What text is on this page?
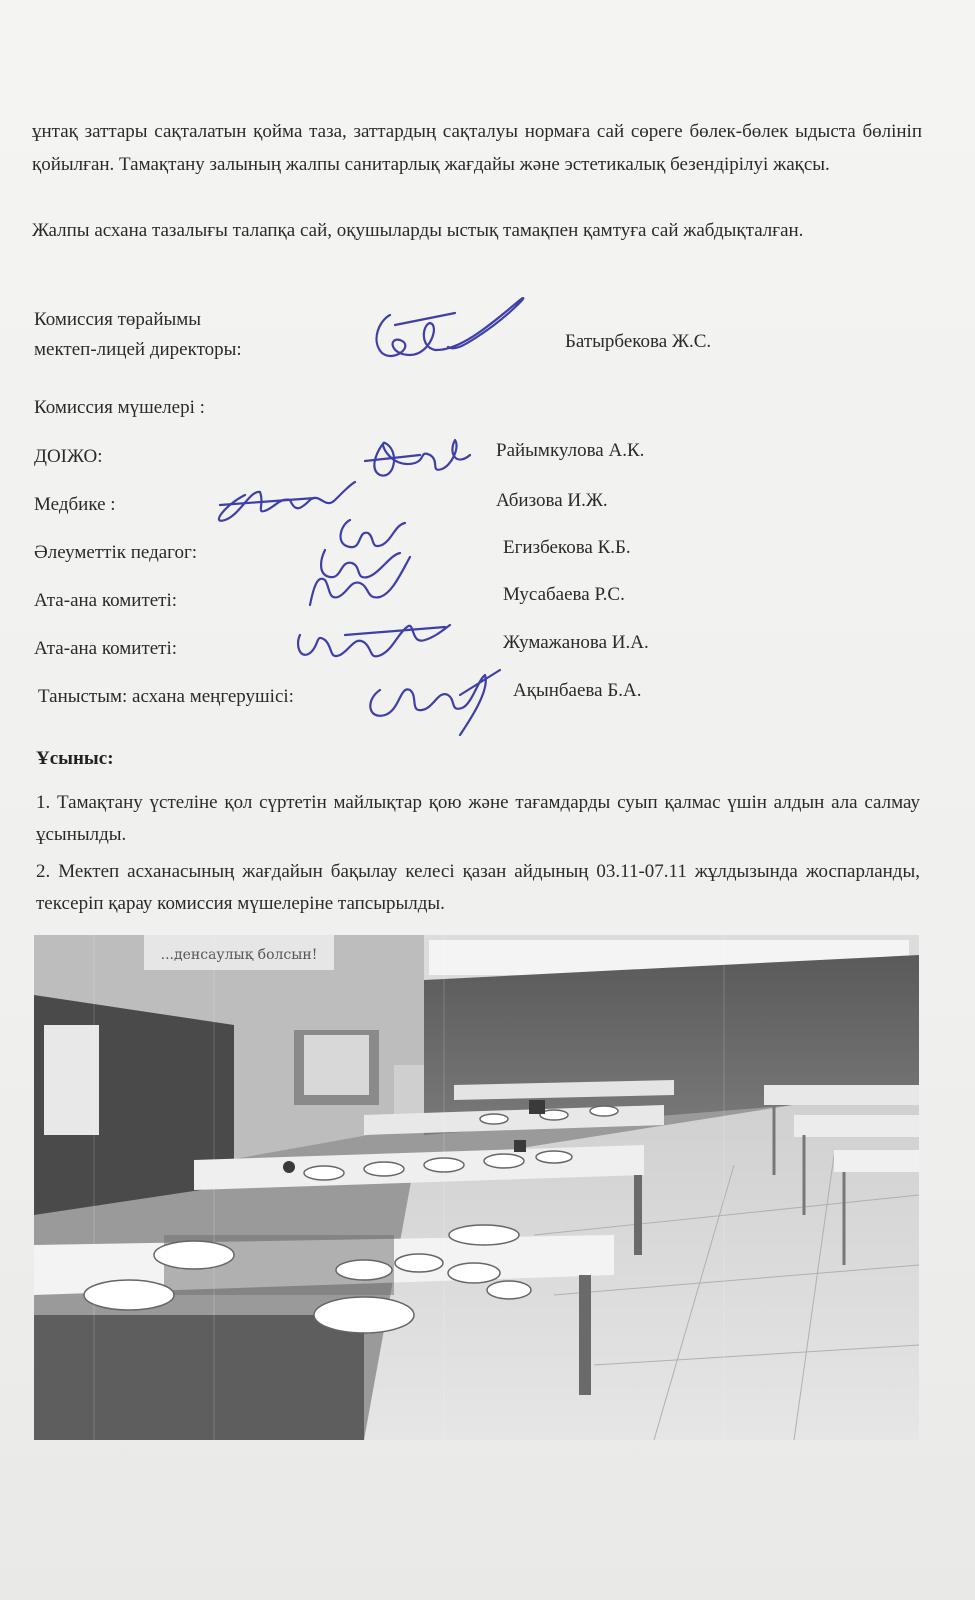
ұнтақ заттары сақталатын қойма таза, заттардың сақталуы нормаға сай сөреге бөлек-бөлек ыдыста бөлініп қойылған. Тамақтану залының жалпы санитарлық жағдайы және эстетикалық безендірілуі жақсы.
Жалпы асхана тазалығы талапқа сай, оқушыларды ыстық тамақпен қамтуға сай жабдықталған.
Комиссия төрайымы
мектеп-лицей директоры:	Батырбекова Ж.С.
Комиссия мүшелері :
ДОІЖО:	Райымкулова А.К.
Медбике :	Абизова И.Ж.
Әлеуметтік педагог:	Егизбекова К.Б.
Ата-ана комитеті:	Мусабаева Р.С.
Ата-ана комитеті:	Жумажанова И.А.
Таныстым: асхана меңгерушісі:	Ақынбаева Б.А.
Ұсыныс:
1. Тамақтану үстеліне қол сүртетін майлықтар қою және тағамдарды суып қалмас үшін алдын ала салмау ұсынылды.
2. Мектеп асханасының жағдайын бақылау келесі қазан айдының 03.11-07.11 жұлдызында жоспарланды, тексеріп қарау комиссия мүшелеріне тапсырылды.
...денсаулық болсын!
